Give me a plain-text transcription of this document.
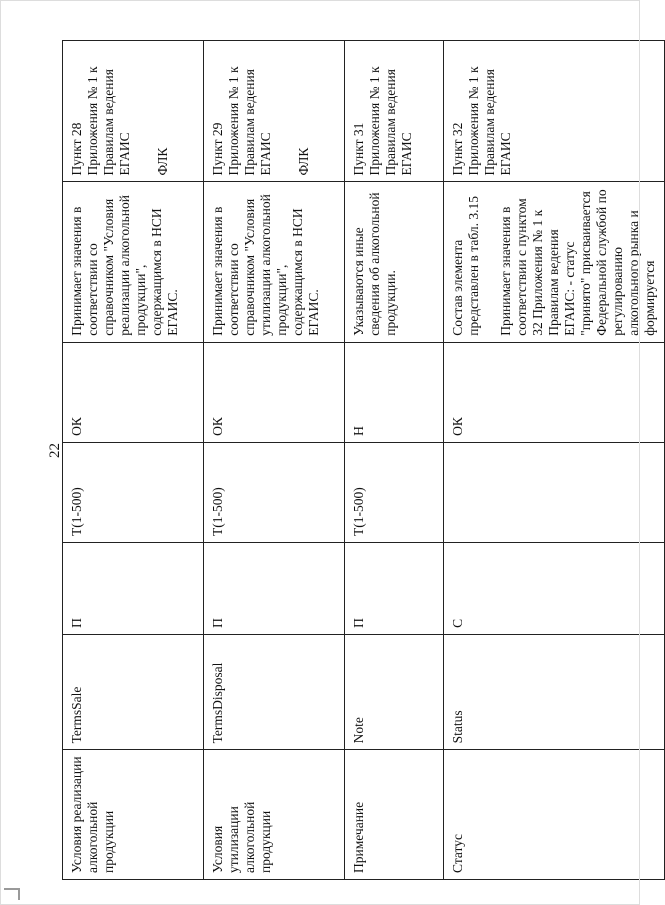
22
Условия реализации алкогольной продукции	TermsSale	П	T(1-500)	ОК	Принимает значения в соответствии со справочником "Условия реализации алкогольной продукции", содержащимся в НСИ ЕГАИС.	Пункт 28 Приложения № 1 к Правилам ведения ЕГАИС ФЛК

Условия утилизации алкогольной продукции	TermsDisposal	П	T(1-500)	ОК	Принимает значения в соответствии со справочником "Условия утилизации алкогольной продукции", содержащимся в НСИ ЕГАИС.	Пункт 29 Приложения № 1 к Правилам ведения ЕГАИС ФЛК

Примечание	Note	П	T(1-500)	Н	Указываются иные сведения об алкогольной продукции.	Пункт 31 Приложения № 1 к Правилам ведения ЕГАИС

Статус	Status	С		ОК	Состав элемента представлен в табл. 3.15 Принимает значения в соответствии с пунктом 32 Приложения № 1 к Правилам ведения ЕГАИС: - статус "принято" присваивается Федеральной службой по регулированию алкогольного рынка и формируется	Пункт 32 Приложения № 1 к Правилам ведения ЕГАИС
